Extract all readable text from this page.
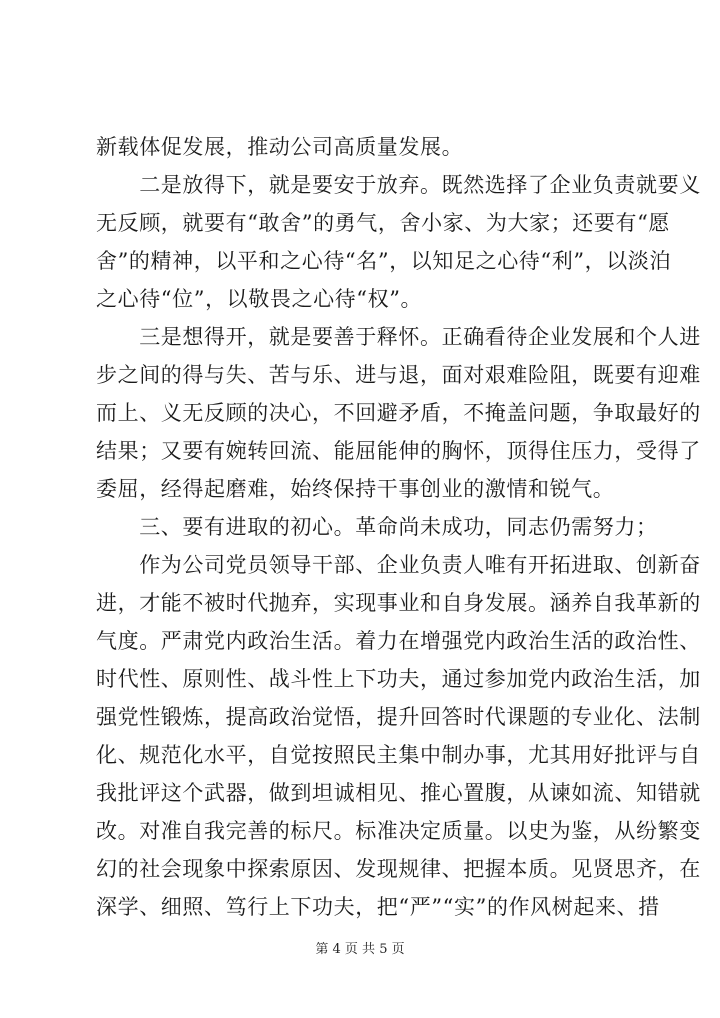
新载体促发展，推动公司高质量发展。
　　二是放得下，就是要安于放弃。既然选择了企业负责就要义
无反顾，就要有“敢舍”的勇气，舍小家、为大家；还要有“愿
舍”的精神，以平和之心待“名”，以知足之心待“利”，以淡泊
之心待“位”，以敬畏之心待“权”。
　　三是想得开，就是要善于释怀。正确看待企业发展和个人进
步之间的得与失、苦与乐、进与退，面对艰难险阻，既要有迎难
而上、义无反顾的决心，不回避矛盾，不掩盖问题，争取最好的
结果；又要有婉转回流、能屈能伸的胸怀，顶得住压力，受得了
委屈，经得起磨难，始终保持干事创业的激情和锐气。
　　三、要有进取的初心。革命尚未成功，同志仍需努力；
　　作为公司党员领导干部、企业负责人唯有开拓进取、创新奋
进，才能不被时代抛弃，实现事业和自身发展。涵养自我革新的
气度。严肃党内政治生活。着力在增强党内政治生活的政治性、
时代性、原则性、战斗性上下功夫，通过参加党内政治生活，加
强党性锻炼，提高政治觉悟，提升回答时代课题的专业化、法制
化、规范化水平，自觉按照民主集中制办事，尤其用好批评与自
我批评这个武器，做到坦诚相见、推心置腹，从谏如流、知错就
改。对准自我完善的标尺。标准决定质量。以史为鉴，从纷繁变
幻的社会现象中探索原因、发现规律、把握本质。见贤思齐，在
深学、细照、笃行上下功夫，把“严”“实”的作风树起来、措
第 4 页 共 5 页
